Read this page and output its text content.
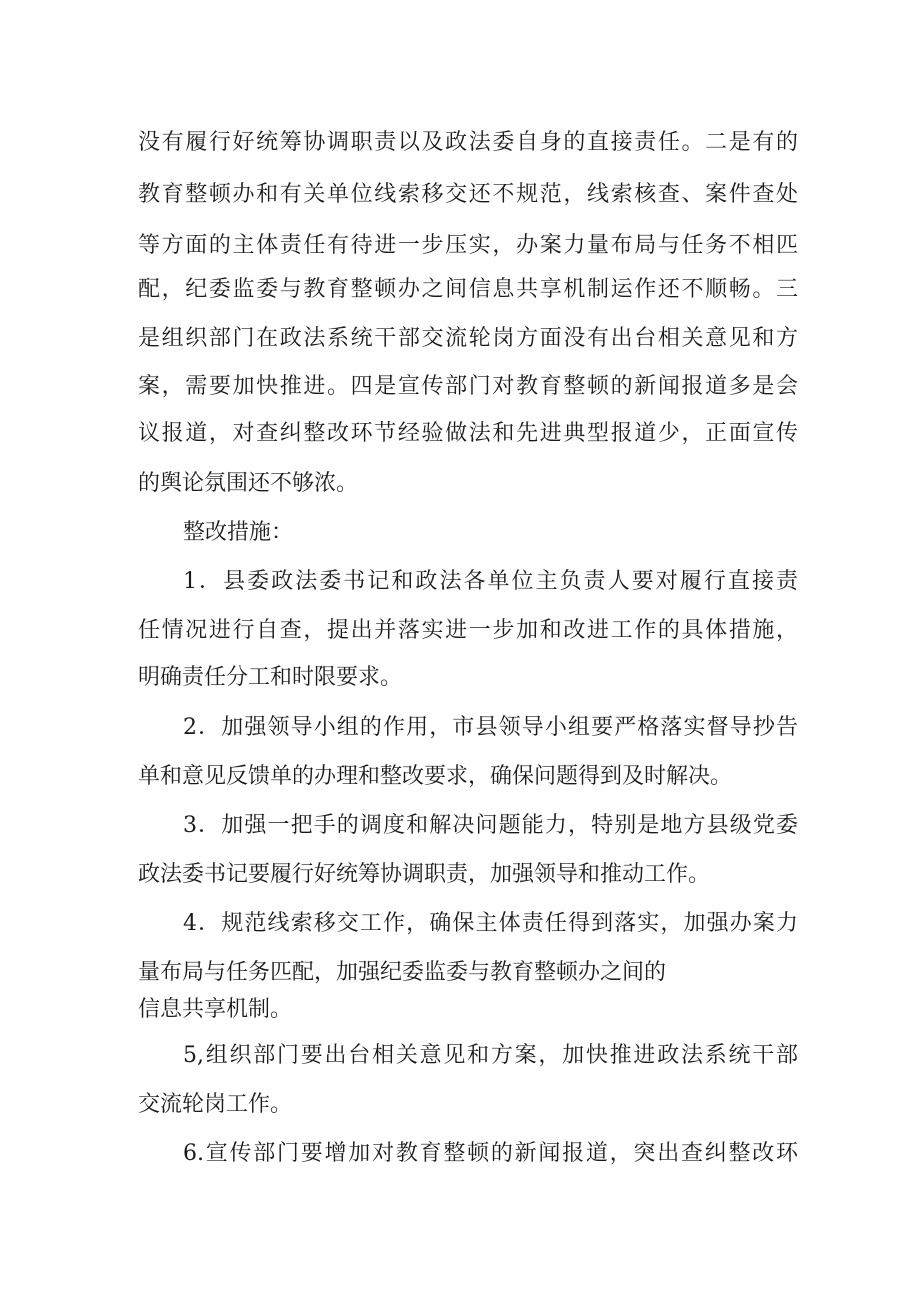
没有履行好统筹协调职责以及政法委自身的直接责任。二是有的
教育整顿办和有关单位线索移交还不规范，线索核查、案件查处
等方面的主体责任有待进一步压实，办案力量布局与任务不相匹
配，纪委监委与教育整顿办之间信息共享机制运作还不顺畅。三
是组织部门在政法系统干部交流轮岗方面没有出台相关意见和方
案，需要加快推进。四是宣传部门对教育整顿的新闻报道多是会
议报道，对查纠整改环节经验做法和先进典型报道少，正面宣传
的舆论氛围还不够浓。
整改措施：
1．县委政法委书记和政法各单位主负责人要对履行直接责
任情况进行自查，提出并落实进一步加和改进工作的具体措施，
明确责任分工和时限要求。
2．加强领导小组的作用，市县领导小组要严格落实督导抄告
单和意见反馈单的办理和整改要求，确保问题得到及时解决。
3．加强一把手的调度和解决问题能力，特别是地方县级党委
政法委书记要履行好统筹协调职责，加强领导和推动工作。
4．规范线索移交工作，确保主体责任得到落实，加强办案力
量布局与任务匹配，加强纪委监委与教育整顿办之间的
信息共享机制。
5,组织部门要出台相关意见和方案，加快推进政法系统干部
交流轮岗工作。
6.宣传部门要增加对教育整顿的新闻报道，突出查纠整改环
